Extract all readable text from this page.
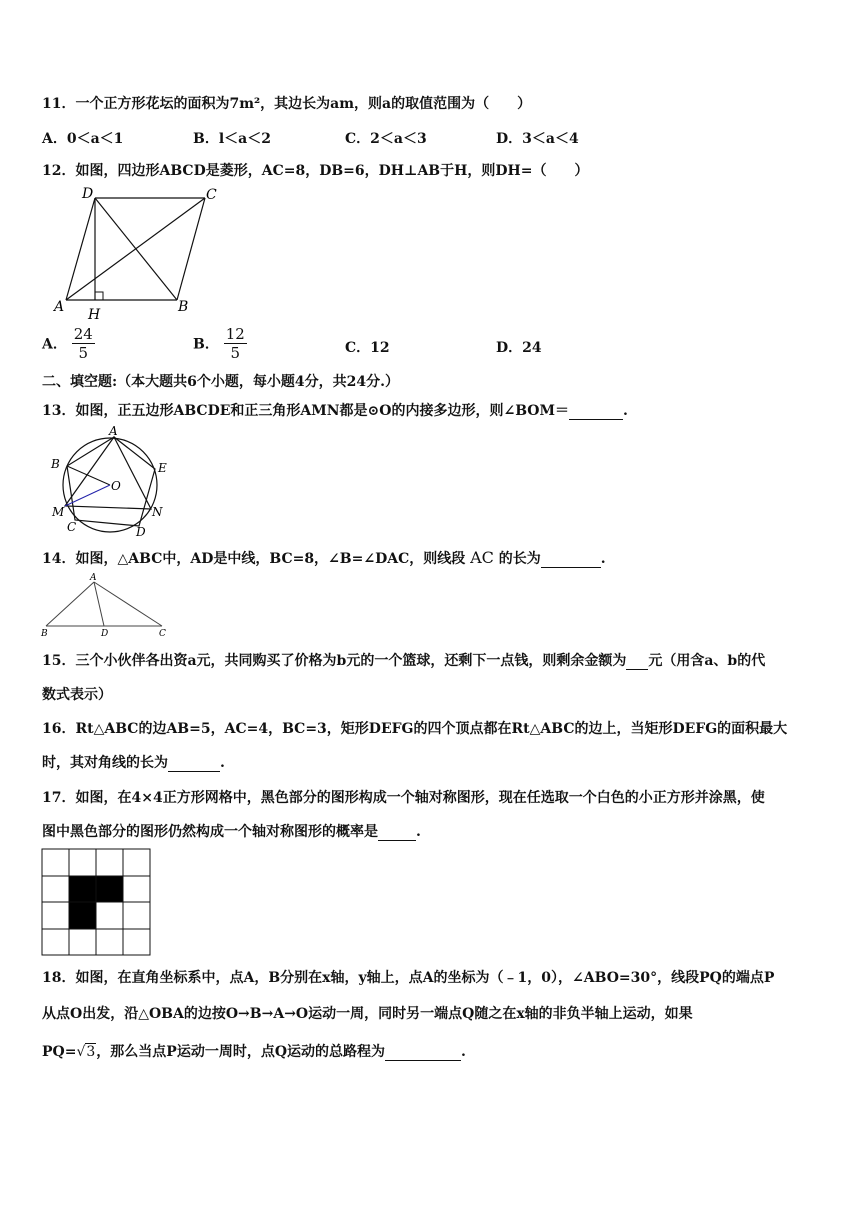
11．一个正方形花坛的面积为7m²，其边长为am，则a的取值范围为（　　）
A．0＜a＜1	B．l＜a＜2	C．2＜a＜3	D．3＜a＜4
12．如图，四边形ABCD是菱形，AC=8，DB=6，DH⊥AB于H，则DH=（　　）
D	C
A	B
H
A． $\frac{24}{5}$	B． $\frac{12}{5}$	C．12	D．24
二、填空题:（本大题共6个小题，每小题4分，共24分.）
13．如图，正五边形ABCDE和正三角形AMN都是⊙O的内接多边形，则∠BOM＝	.
A
B	E
O
M	N
C	D
14．如图，△ABC中，AD是中线，BC=8，∠B=∠DAC，则线段 AC 的长为	.
A
B	D	C
15．三个小伙伴各出资a元，共同购买了价格为b元的一个篮球，还剩下一点钱，则剩余金额为 元（用含a、b的代
数式表示）
16．Rt△ABC的边AB=5，AC=4，BC=3，矩形DEFG的四个顶点都在Rt△ABC的边上，当矩形DEFG的面积最大
时，其对角线的长为	.
17．如图，在4×4正方形网格中，黑色部分的图形构成一个轴对称图形，现在任选取一个白色的小正方形并涂黑，使
图中黑色部分的图形仍然构成一个轴对称图形的概率是	.
18．如图，在直角坐标系中，点A，B分别在x轴，y轴上，点A的坐标为（﹣1，0），∠ABO=30°，线段PQ的端点P
从点O出发，沿△OBA的边按O→B→A→O运动一周，同时另一端点Q随之在x轴的非负半轴上运动，如果
PQ=√3，那么当点P运动一周时，点Q运动的总路程为	.
